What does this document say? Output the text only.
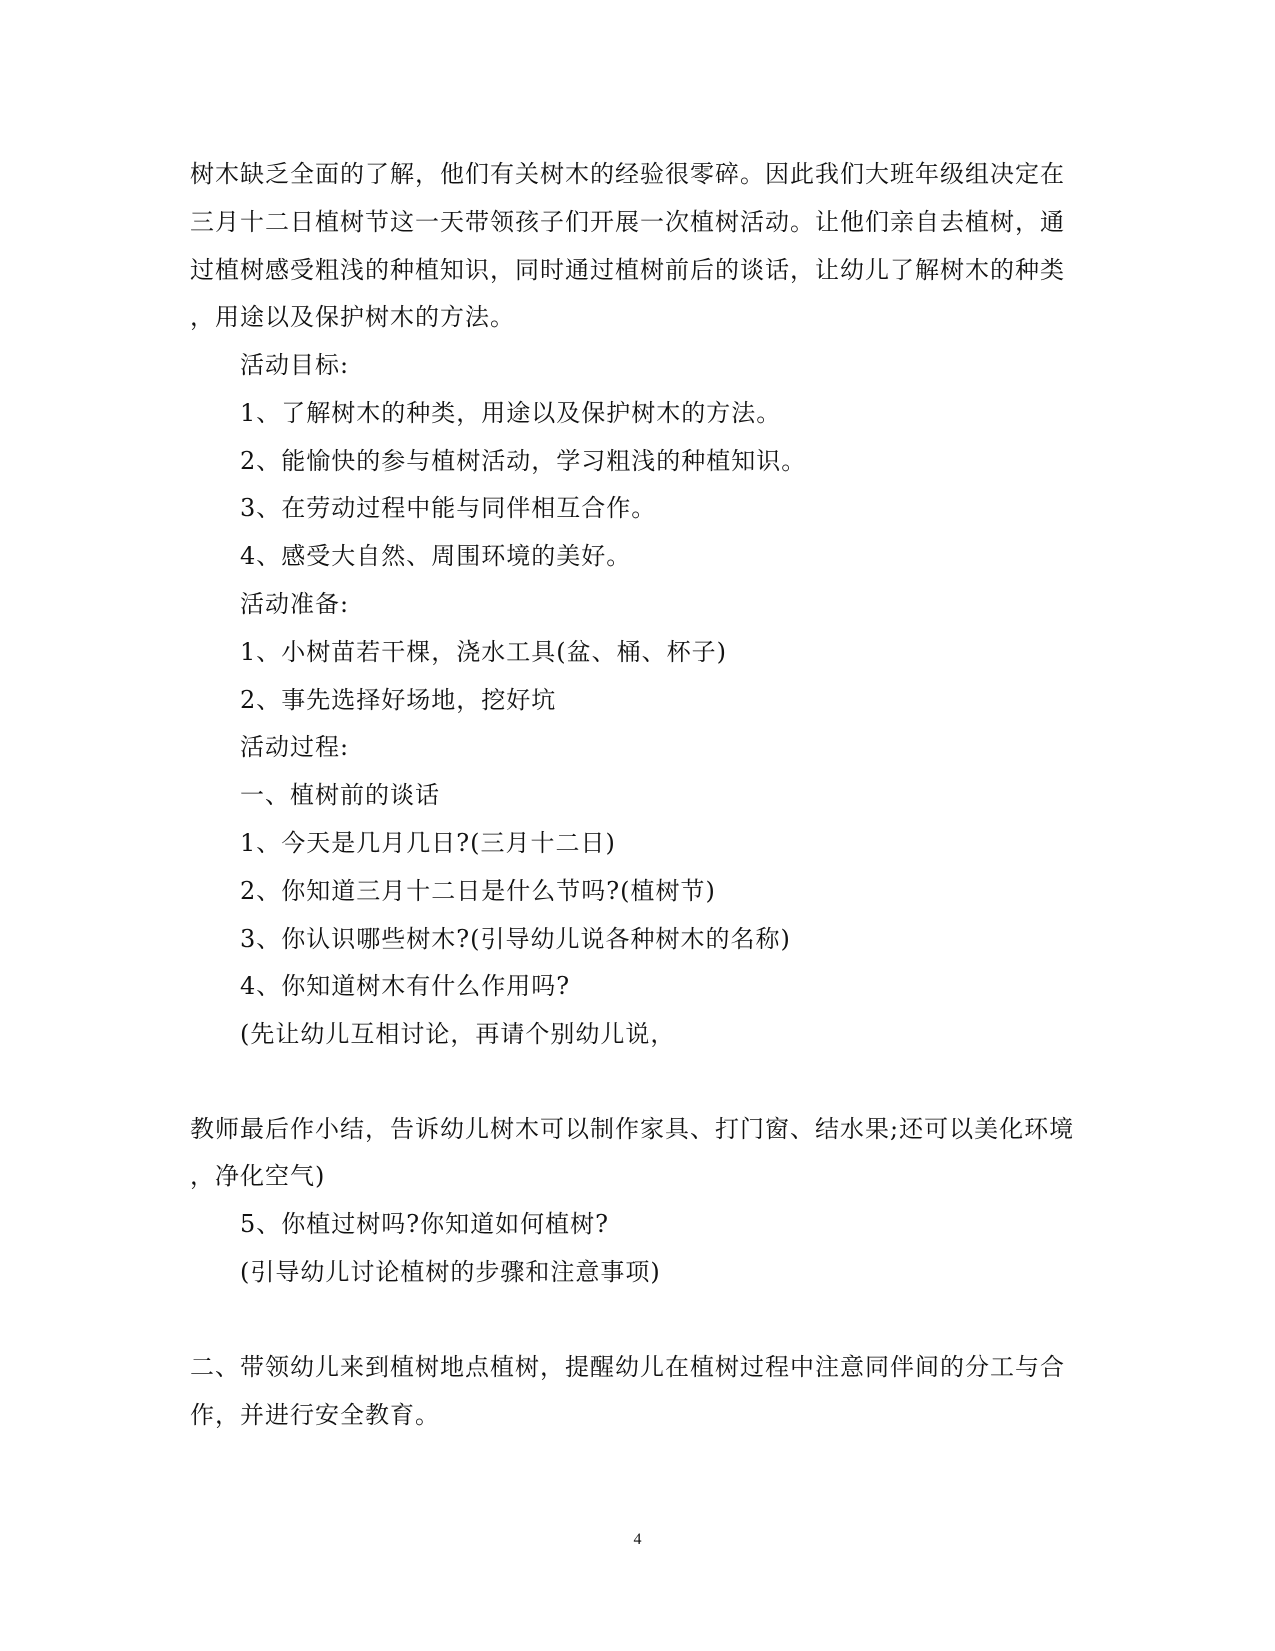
树木缺乏全面的了解，他们有关树木的经验很零碎。因此我们大班年级组决定在
三月十二日植树节这一天带领孩子们开展一次植树活动。让他们亲自去植树，通
过植树感受粗浅的种植知识，同时通过植树前后的谈话，让幼儿了解树木的种类
，用途以及保护树木的方法。
活动目标:
1、了解树木的种类，用途以及保护树木的方法。
2、能愉快的参与植树活动，学习粗浅的种植知识。
3、在劳动过程中能与同伴相互合作。
4、感受大自然、周围环境的美好。
活动准备:
1、小树苗若干棵，浇水工具(盆、桶、杯子)
2、事先选择好场地，挖好坑
活动过程:
一、植树前的谈话
1、今天是几月几日?(三月十二日)
2、你知道三月十二日是什么节吗?(植树节)
3、你认识哪些树木?(引导幼儿说各种树木的名称)
4、你知道树木有什么作用吗?
(先让幼儿互相讨论，再请个别幼儿说，
教师最后作小结，告诉幼儿树木可以制作家具、打门窗、结水果;还可以美化环境
，净化空气)
5、你植过树吗?你知道如何植树?
(引导幼儿讨论植树的步骤和注意事项)
二、带领幼儿来到植树地点植树，提醒幼儿在植树过程中注意同伴间的分工与合
作，并进行安全教育。
4
